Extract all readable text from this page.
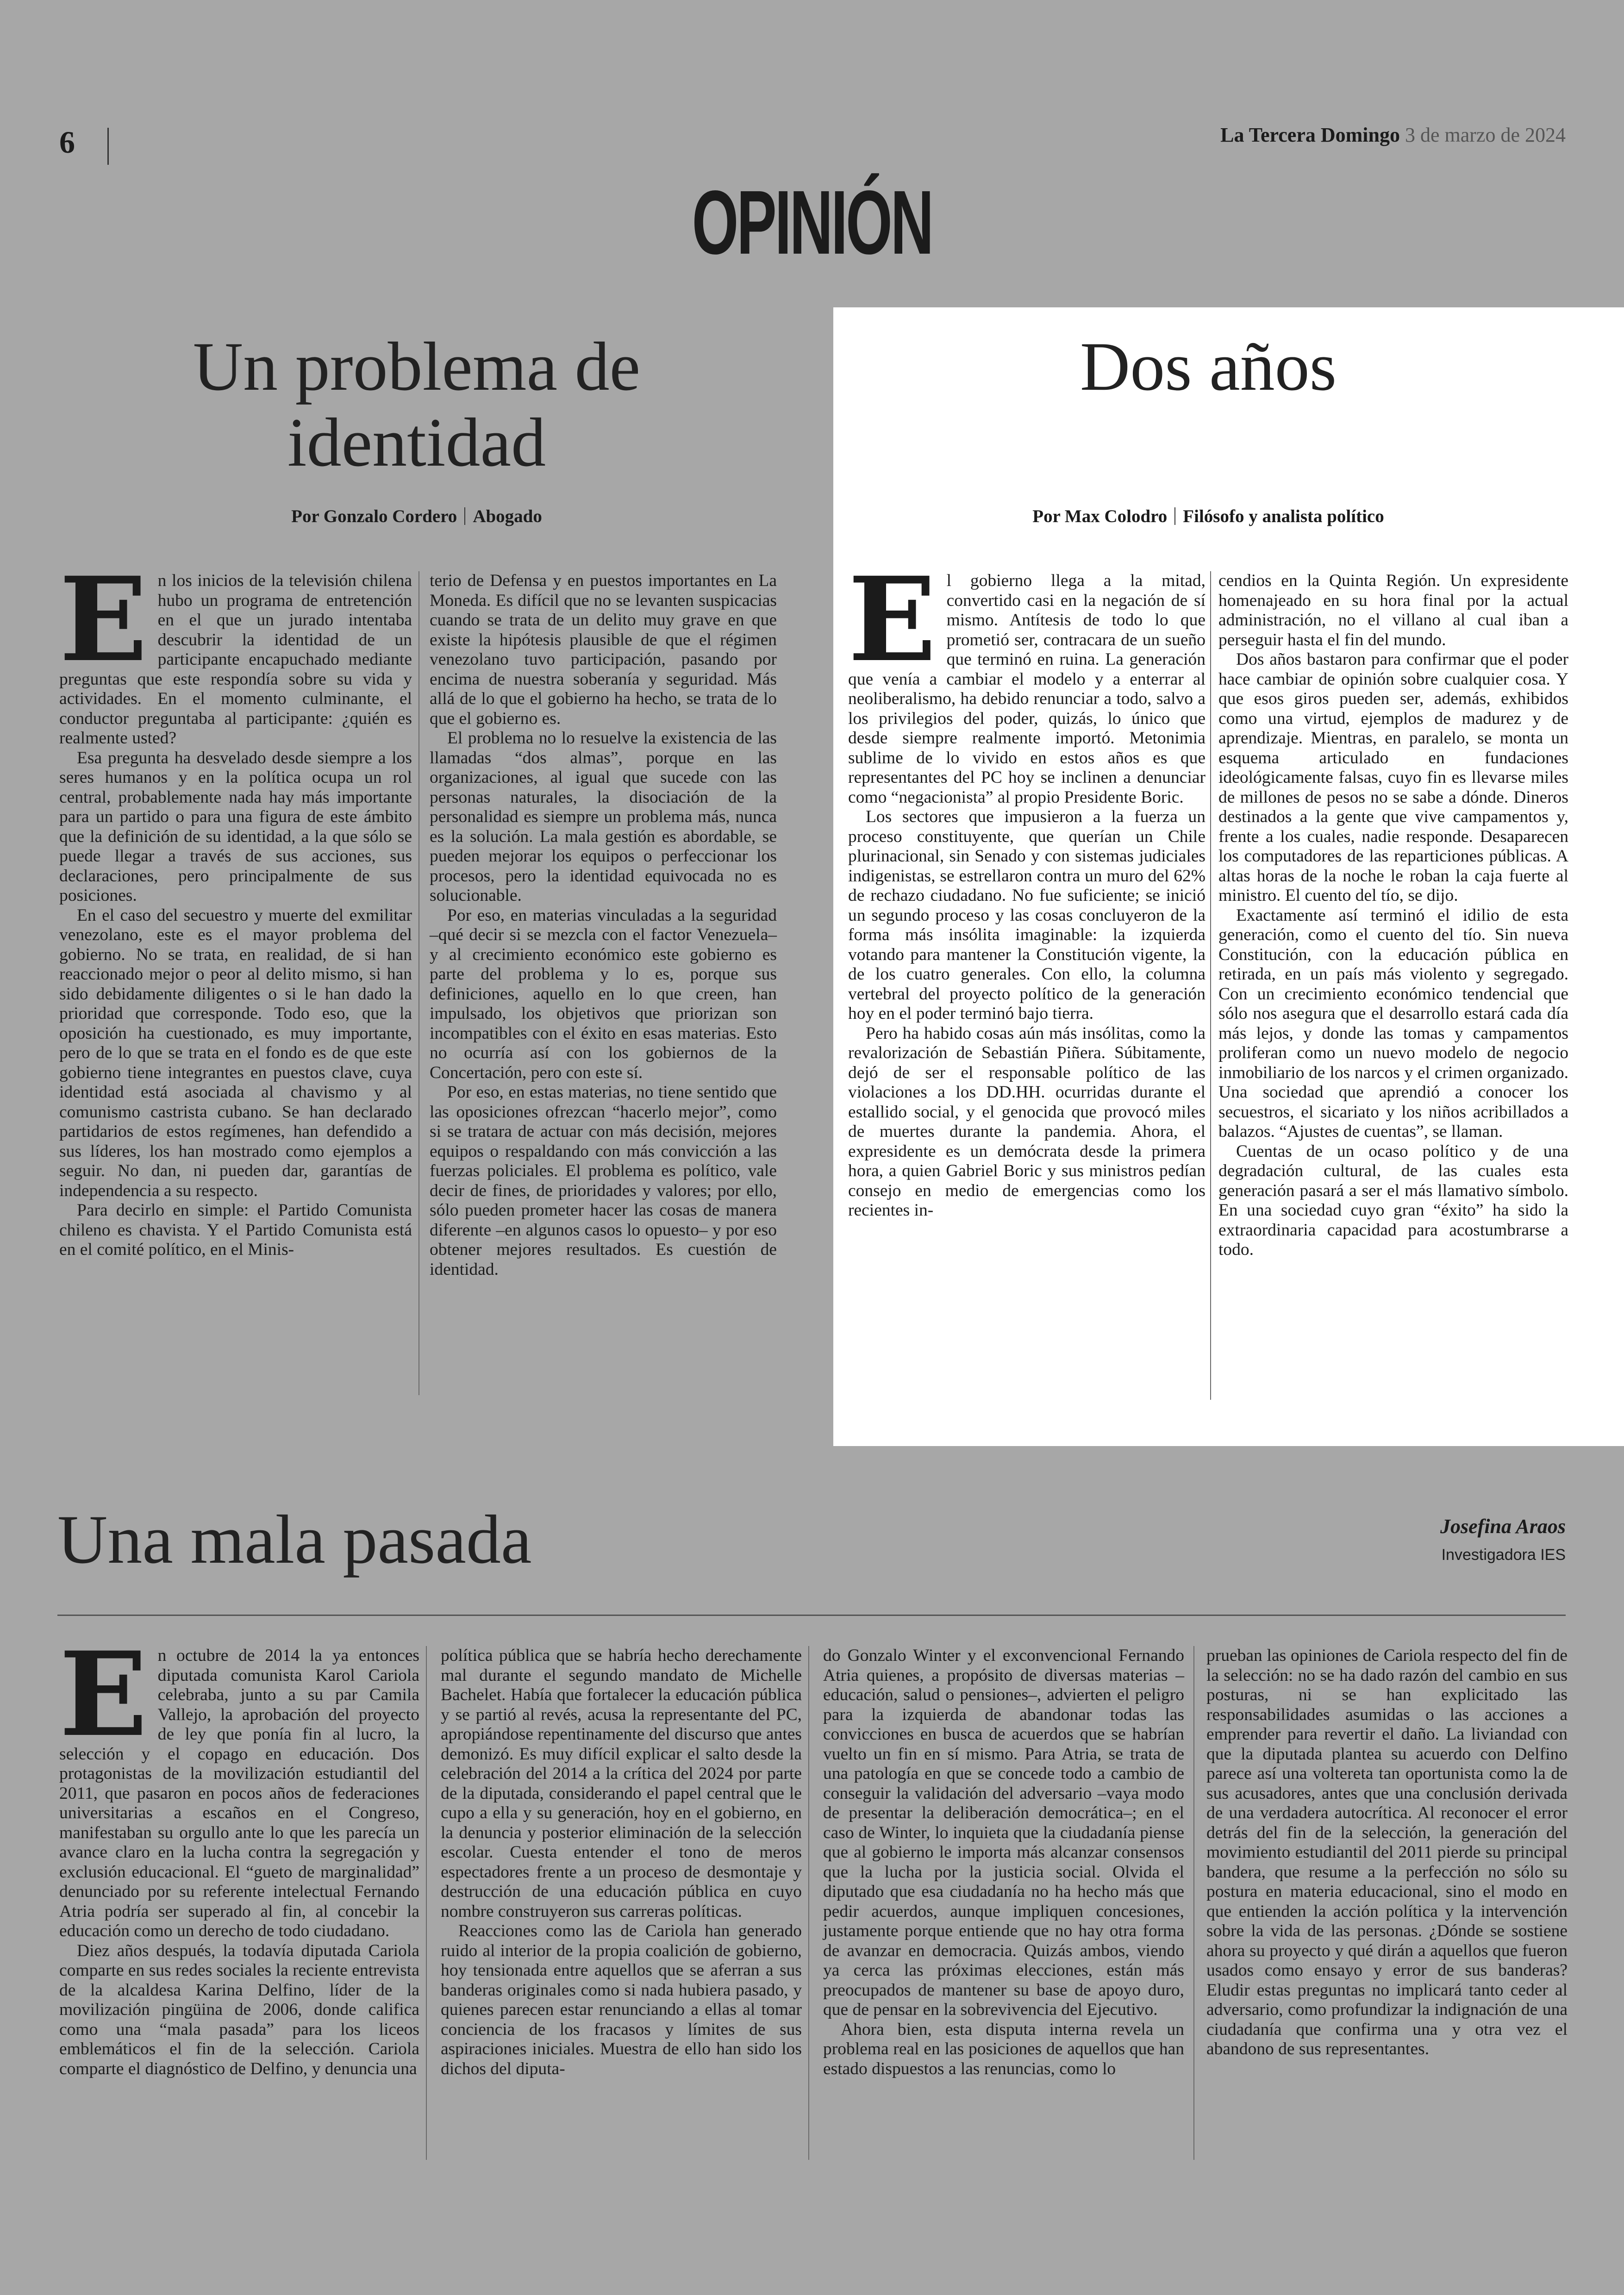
6	La Tercera Domingo 3 de marzo de 2024
OPINIÓN
Un problema de
identidad
Por Gonzalo Cordero Abogado
E n los inicios de la televisión chilena hubo un programa de entretención en el que un jurado intentaba descubrir la identidad de un participante encapuchado mediante preguntas que este respondía sobre su vida y actividades. En el momento culminante, el conductor preguntaba al participante: ¿quién es realmente usted?

Esa pregunta ha desvelado desde siempre a los seres humanos y en la política ocupa un rol central, probablemente nada hay más importante para un partido o para una figura de este ámbito que la definición de su identidad, a la que sólo se puede llegar a través de sus acciones, sus declaraciones, pero principalmente de sus posiciones.

En el caso del secuestro y muerte del exmilitar venezolano, este es el mayor problema del gobierno. No se trata, en realidad, de si han reaccionado mejor o peor al delito mismo, si han sido debidamente diligentes o si le han dado la prioridad que corresponde. Todo eso, que la oposición ha cuestionado, es muy importante, pero de lo que se trata en el fondo es de que este gobierno tiene integrantes en puestos clave, cuya identidad está asociada al chavismo y al comunismo castrista cubano. Se han declarado partidarios de estos regímenes, han defendido a sus líderes, los han mostrado como ejemplos a seguir. No dan, ni pueden dar, garantías de independencia a su respecto.

Para decirlo en simple: el Partido Comunista chileno es chavista. Y el Partido Comunista está en el comité político, en el Minis-

terio de Defensa y en puestos importantes en La Moneda. Es difícil que no se levanten suspicacias cuando se trata de un delito muy grave en que existe la hipótesis plausible de que el régimen venezolano tuvo participación, pasando por encima de nuestra soberanía y seguridad. Más allá de lo que el gobierno ha hecho, se trata de lo que el gobierno es.

El problema no lo resuelve la existencia de las llamadas “dos almas”, porque en las organizaciones, al igual que sucede con las personas naturales, la disociación de la personalidad es siempre un problema más, nunca es la solución. La mala gestión es abordable, se pueden mejorar los equipos o perfeccionar los procesos, pero la identidad equivocada no es solucionable.

Por eso, en materias vinculadas a la seguridad –qué decir si se mezcla con el factor Venezuela– y al crecimiento económico este gobierno es parte del problema y lo es, porque sus definiciones, aquello en lo que creen, han impulsado, los objetivos que priorizan son incompatibles con el éxito en esas materias. Esto no ocurría así con los gobiernos de la Concertación, pero con este sí.

Por eso, en estas materias, no tiene sentido que las oposiciones ofrezcan “hacerlo mejor”, como si se tratara de actuar con más decisión, mejores equipos o respaldando con más convicción a las fuerzas policiales. El problema es político, vale decir de fines, de prioridades y valores; por ello, sólo pueden prometer hacer las cosas de manera diferente –en algunos casos lo opuesto– y por eso obtener mejores resultados. Es cuestión de identidad.

Dos años
Por Max Colodro Filósofo y analista político
E l gobierno llega a la mitad, convertido casi en la negación de sí mismo. Antítesis de todo lo que prometió ser, contracara de un sueño que terminó en ruina. La generación que venía a cambiar el modelo y a enterrar al neoliberalismo, ha debido renunciar a todo, salvo a los privilegios del poder, quizás, lo único que desde siempre realmente importó. Metonimia sublime de lo vivido en estos años es que representantes del PC hoy se inclinen a denunciar como “negacionista” al propio Presidente Boric.

Los sectores que impusieron a la fuerza un proceso constituyente, que querían un Chile plurinacional, sin Senado y con sistemas judiciales indigenistas, se estrellaron contra un muro del 62% de rechazo ciudadano. No fue suficiente; se inició un segundo proceso y las cosas concluyeron de la forma más insólita imaginable: la izquierda votando para mantener la Constitución vigente, la de los cuatro generales. Con ello, la columna vertebral del proyecto político de la generación hoy en el poder terminó bajo tierra.

Pero ha habido cosas aún más insólitas, como la revalorización de Sebastián Piñera. Súbitamente, dejó de ser el responsable político de las violaciones a los DD.HH. ocurridas durante el estallido social, y el genocida que provocó miles de muertes durante la pandemia. Ahora, el expresidente es un demócrata desde la primera hora, a quien Gabriel Boric y sus ministros pedían consejo en medio de emergencias como los recientes in-

cendios en la Quinta Región. Un expresidente homenajeado en su hora final por la actual administración, no el villano al cual iban a perseguir hasta el fin del mundo.

Dos años bastaron para confirmar que el poder hace cambiar de opinión sobre cualquier cosa. Y que esos giros pueden ser, además, exhibidos como una virtud, ejemplos de madurez y de aprendizaje. Mientras, en paralelo, se monta un esquema articulado en fundaciones ideológicamente falsas, cuyo fin es llevarse miles de millones de pesos no se sabe a dónde. Dineros destinados a la gente que vive campamentos y, frente a los cuales, nadie responde. Desaparecen los computadores de las reparticiones públicas. A altas horas de la noche le roban la caja fuerte al ministro. El cuento del tío, se dijo.

Exactamente así terminó el idilio de esta generación, como el cuento del tío. Sin nueva Constitución, con la educación pública en retirada, en un país más violento y segregado. Con un crecimiento económico tendencial que sólo nos asegura que el desarrollo estará cada día más lejos, y donde las tomas y campamentos proliferan como un nuevo modelo de negocio inmobiliario de los narcos y el crimen organizado. Una sociedad que aprendió a conocer los secuestros, el sicariato y los niños acribillados a balazos. “Ajustes de cuentas”, se llaman.

Cuentas de un ocaso político y de una degradación cultural, de las cuales esta generación pasará a ser el más llamativo símbolo. En una sociedad cuyo gran “éxito” ha sido la extraordinaria capacidad para acostumbrarse a todo.

Una mala pasada	Josefina Araos
Investigadora IES
E n octubre de 2014 la ya entonces diputada comunista Karol Cariola celebraba, junto a su par Camila Vallejo, la aprobación del proyecto de ley que ponía fin al lucro, la selección y el copago en educación. Dos protagonistas de la movilización estudiantil del 2011, que pasaron en pocos años de federaciones universitarias a escaños en el Congreso, manifestaban su orgullo ante lo que les parecía un avance claro en la lucha contra la segregación y exclusión educacional. El “gueto de marginalidad” denunciado por su referente intelectual Fernando Atria podría ser superado al fin, al concebir la educación como un derecho de todo ciudadano.

Diez años después, la todavía diputada Cariola comparte en sus redes sociales la reciente entrevista de la alcaldesa Karina Delfino, líder de la movilización pingüina de 2006, donde califica como una “mala pasada” para los liceos emblemáticos el fin de la selección. Cariola comparte el diagnóstico de Delfino, y denuncia una

política pública que se habría hecho derechamente mal durante el segundo mandato de Michelle Bachelet. Había que fortalecer la educación pública y se partió al revés, acusa la representante del PC, apropiándose repentinamente del discurso que antes demonizó. Es muy difícil explicar el salto desde la celebración del 2014 a la crítica del 2024 por parte de la diputada, considerando el papel central que le cupo a ella y su generación, hoy en el gobierno, en la denuncia y posterior eliminación de la selección escolar. Cuesta entender el tono de meros espectadores frente a un proceso de desmontaje y destrucción de una educación pública en cuyo nombre construyeron sus carreras políticas.

Reacciones como las de Cariola han generado ruido al interior de la propia coalición de gobierno, hoy tensionada entre aquellos que se aferran a sus banderas originales como si nada hubiera pasado, y quienes parecen estar renunciando a ellas al tomar conciencia de los fracasos y límites de sus aspiraciones iniciales. Muestra de ello han sido los dichos del diputa-

do Gonzalo Winter y el exconvencional Fernando Atria quienes, a propósito de diversas materias –educación, salud o pensiones–, advierten el peligro para la izquierda de abandonar todas las convicciones en busca de acuerdos que se habrían vuelto un fin en sí mismo. Para Atria, se trata de una patología en que se concede todo a cambio de conseguir la validación del adversario –vaya modo de presentar la deliberación democrática–; en el caso de Winter, lo inquieta que la ciudadanía piense que al gobierno le importa más alcanzar consensos que la lucha por la justicia social. Olvida el diputado que esa ciudadanía no ha hecho más que pedir acuerdos, aunque impliquen concesiones, justamente porque entiende que no hay otra forma de avanzar en democracia. Quizás ambos, viendo ya cerca las próximas elecciones, están más preocupados de mantener su base de apoyo duro, que de pensar en la sobrevivencia del Ejecutivo.

Ahora bien, esta disputa interna revela un problema real en las posiciones de aquellos que han estado dispuestos a las renuncias, como lo

prueban las opiniones de Cariola respecto del fin de la selección: no se ha dado razón del cambio en sus posturas, ni se han explicitado las responsabilidades asumidas o las acciones a emprender para revertir el daño. La liviandad con que la diputada plantea su acuerdo con Delfino parece así una voltereta tan oportunista como la de sus acusadores, antes que una conclusión derivada de una verdadera autocrítica. Al reconocer el error detrás del fin de la selección, la generación del movimiento estudiantil del 2011 pierde su principal bandera, que resume a la perfección no sólo su postura en materia educacional, sino el modo en que entienden la acción política y la intervención sobre la vida de las personas. ¿Dónde se sostiene ahora su proyecto y qué dirán a aquellos que fueron usados como ensayo y error de sus banderas? Eludir estas preguntas no implicará tanto ceder al adversario, como profundizar la indignación de una ciudadanía que confirma una y otra vez el abandono de sus representantes.
